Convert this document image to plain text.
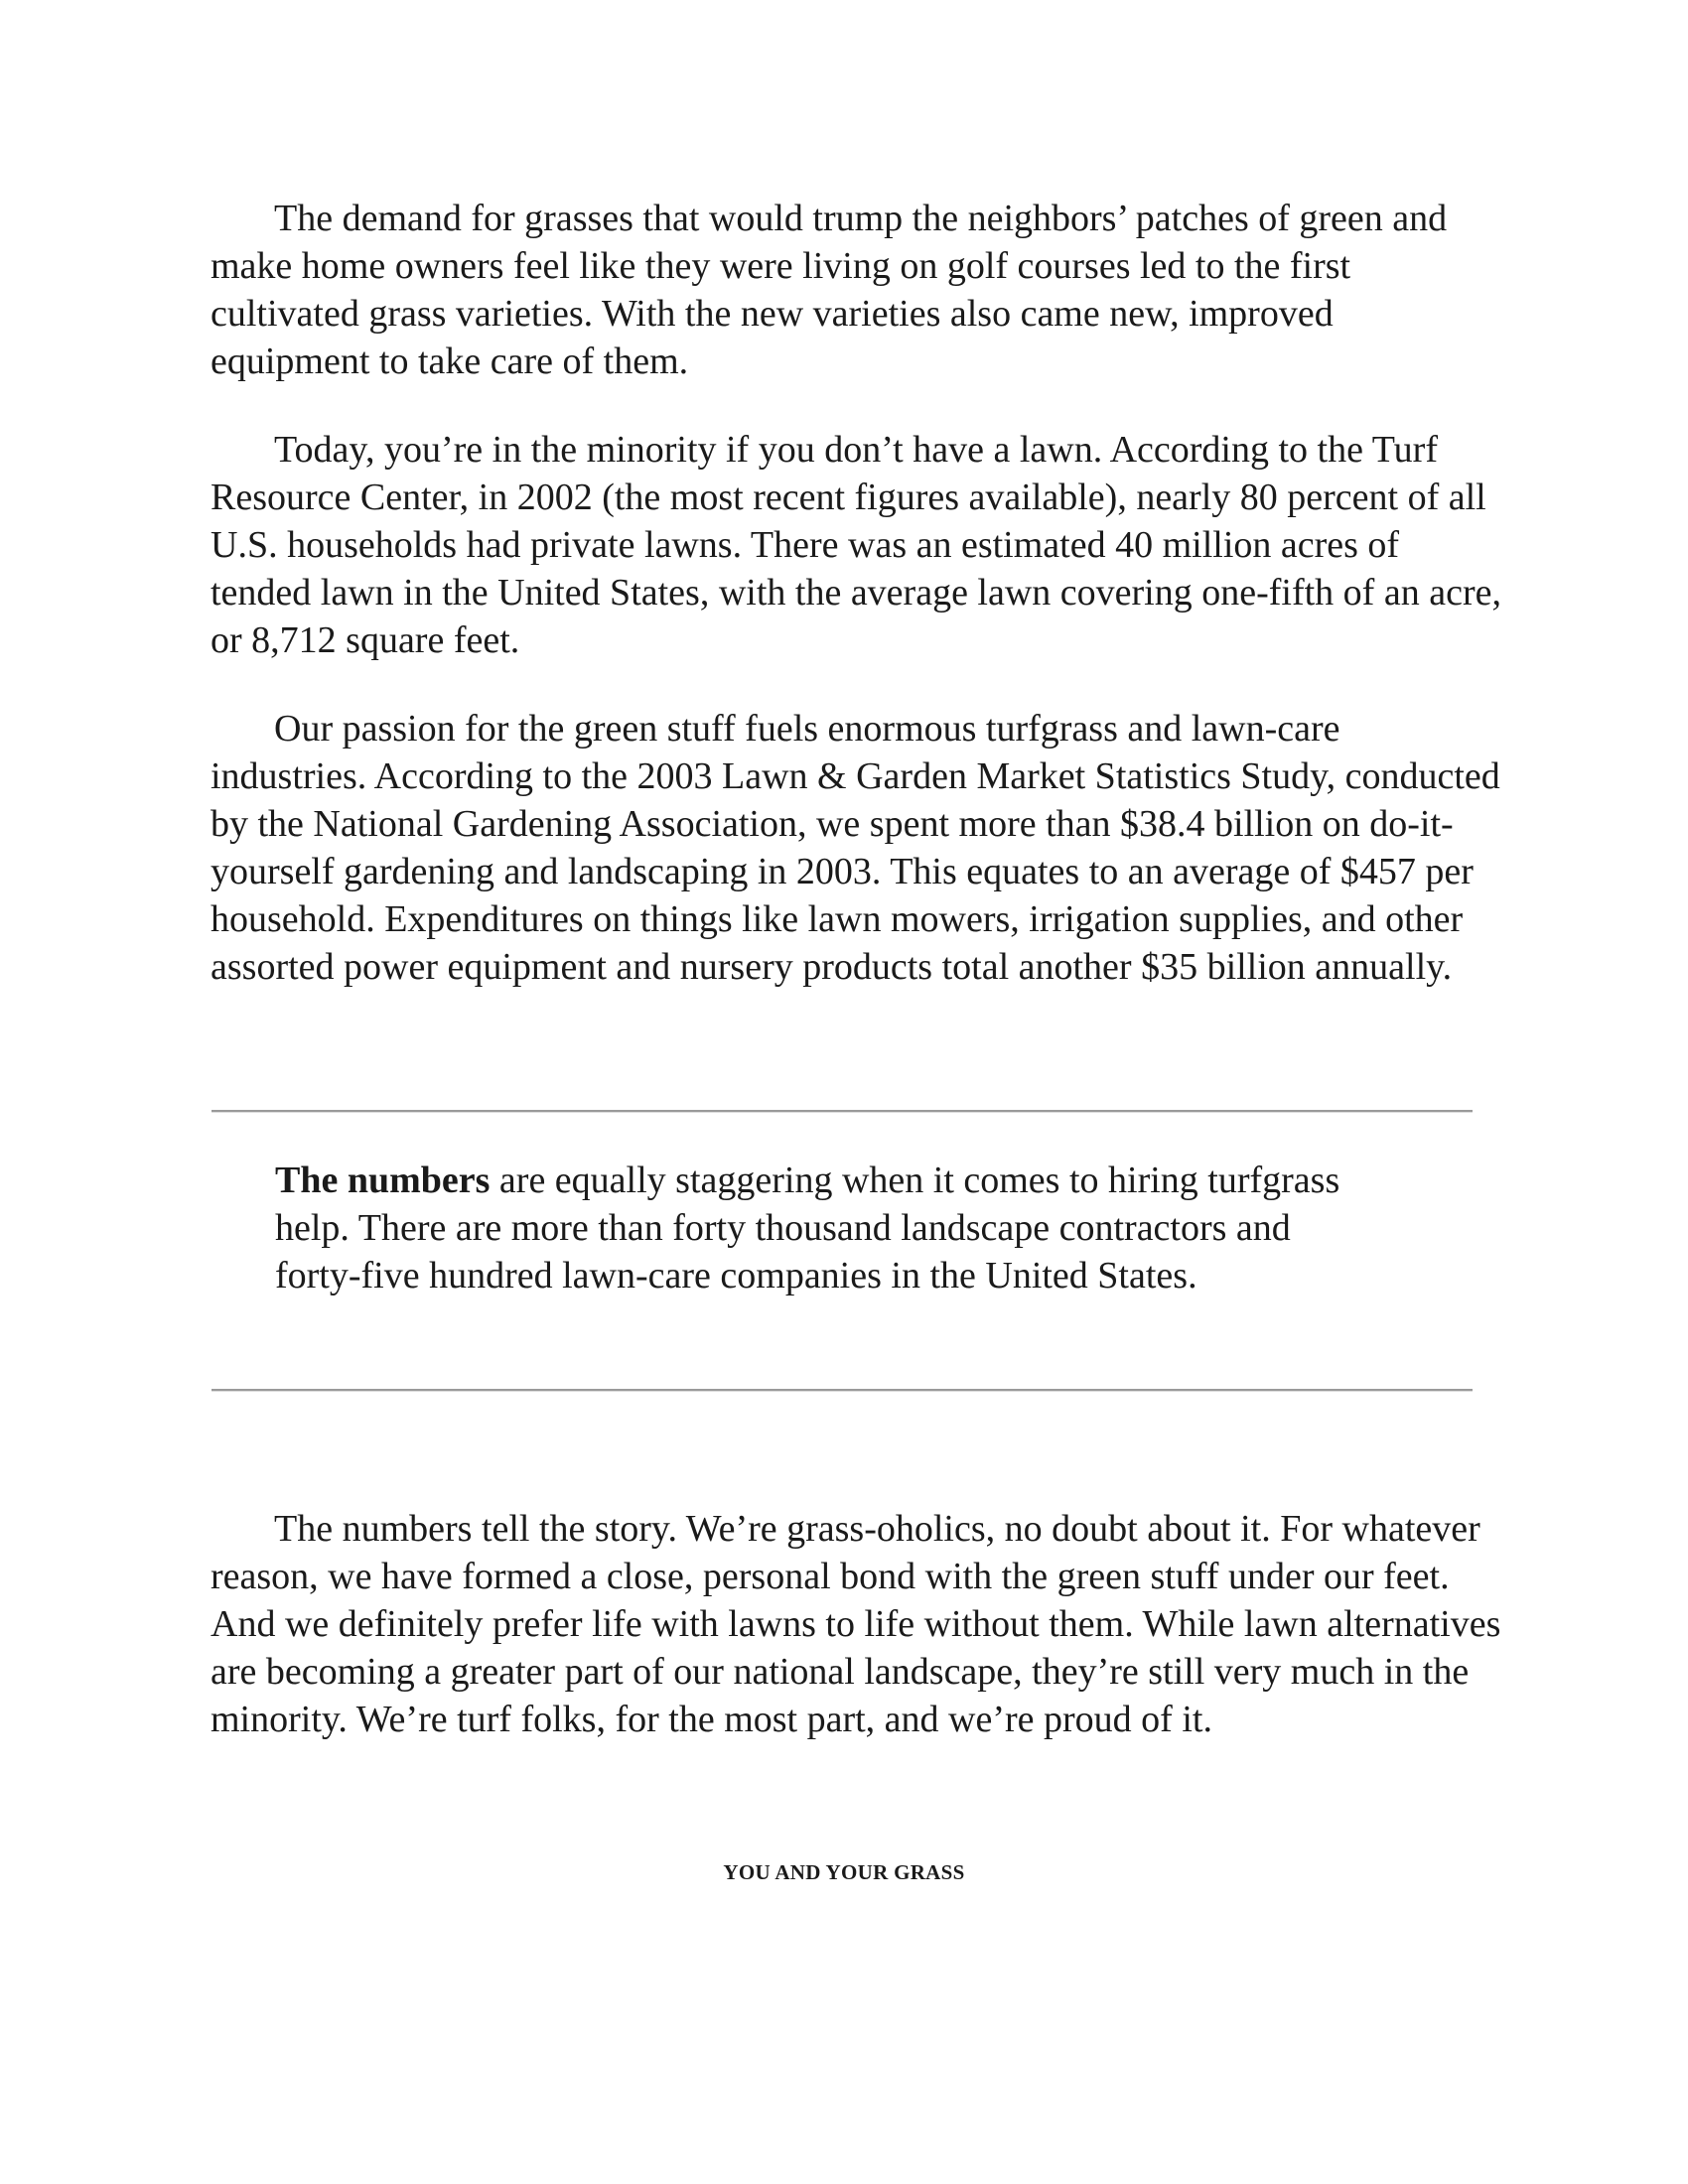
The demand for grasses that would trump the neighbors’ patches of green and make home owners feel like they were living on golf courses led to the first cultivated grass varieties. With the new varieties also came new, improved equipment to take care of them.

Today, you’re in the minority if you don’t have a lawn. According to the Turf Resource Center, in 2002 (the most recent figures available), nearly 80 percent of all U.S. households had private lawns. There was an estimated 40 million acres of tended lawn in the United States, with the average lawn covering one-fifth of an acre, or 8,712 square feet.

Our passion for the green stuff fuels enormous turfgrass and lawn-care industries. According to the 2003 Lawn & Garden Market Statistics Study, conducted by the National Gardening Association, we spent more than $38.4 billion on do-it-yourself gardening and landscaping in 2003. This equates to an average of $457 per household. Expenditures on things like lawn mowers, irrigation supplies, and other assorted power equipment and nursery products total another $35 billion annually.

The numbers are equally staggering when it comes to hiring turfgrass help. There are more than forty thousand landscape contractors and forty-five hundred lawn-care companies in the United States.

The numbers tell the story. We’re grass-oholics, no doubt about it. For whatever reason, we have formed a close, personal bond with the green stuff under our feet. And we definitely prefer life with lawns to life without them. While lawn alternatives are becoming a greater part of our national landscape, they’re still very much in the minority. We’re turf folks, for the most part, and we’re proud of it.

YOU AND YOUR GRASS
